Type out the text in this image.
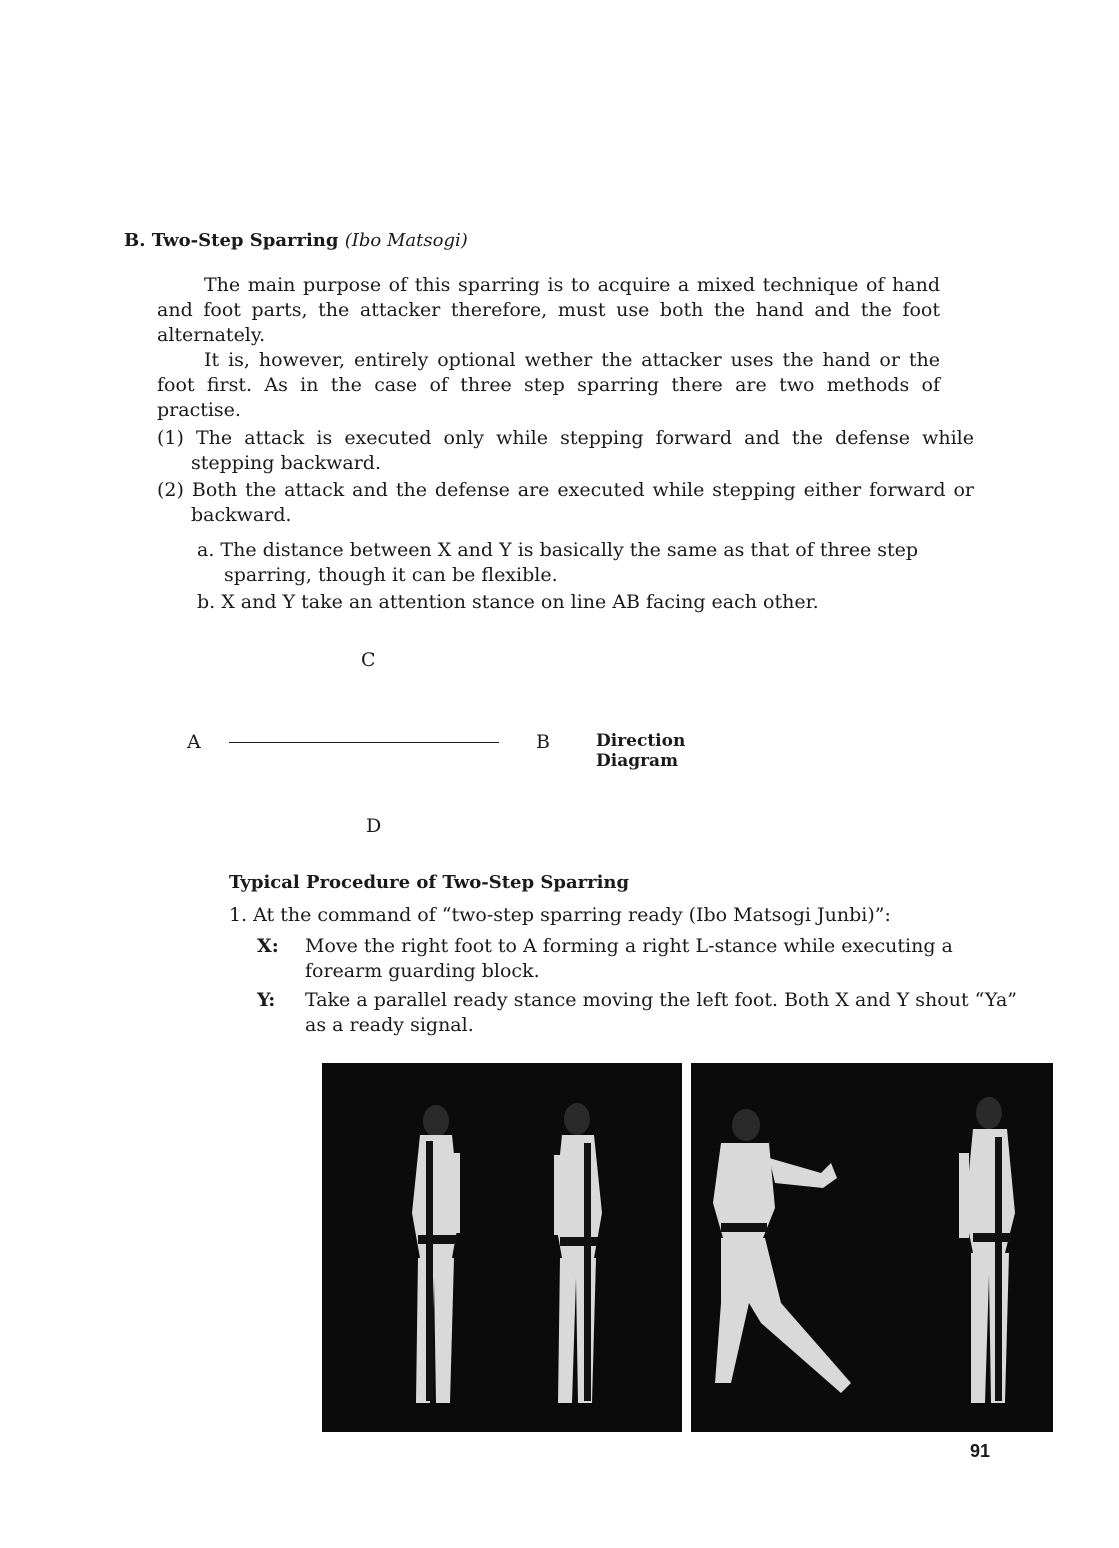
B. Two-Step Sparring (Ibo Matsogi)

The main purpose of this sparring is to acquire a mixed technique of hand and foot parts, the attacker therefore, must use both the hand and the foot alternately.

It is, however, entirely optional wether the attacker uses the hand or the foot first. As in the case of three step sparring there are two methods of practise.

(1) The attack is executed only while stepping forward and the defense while stepping backward.

(2) Both the attack and the defense are executed while stepping either forward or backward.

a. The distance between X and Y is basically the same as that of three step sparring, though it can be flexible.

b. X and Y take an attention stance on line AB facing each other.

C
A	B	Direction Diagram
D
Typical Procedure of Two-Step Sparring
1. At the command of “two-step sparring ready (Ibo Matsogi Junbi)”:
X: Move the right foot to A forming a right L-stance while executing a forearm guarding block.

Y: Take a parallel ready stance moving the left foot. Both X and Y shout “Ya” as a ready signal.

91
